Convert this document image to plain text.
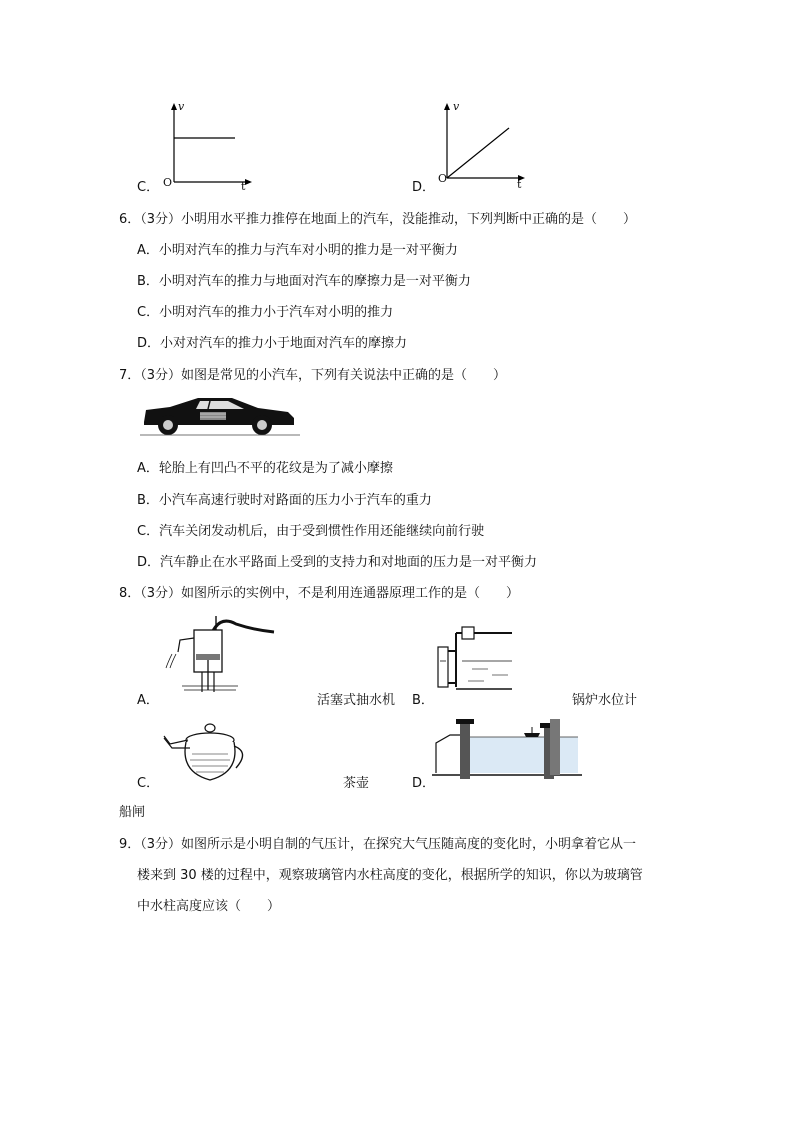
C．
v
t
O	D．
v
t
O
6．（3分）小明用水平推力推停在地面上的汽车，没能推动，下列判断中正确的是（　　）
A．小明对汽车的推力与汽车对小明的推力是一对平衡力
B．小明对汽车的推力与地面对汽车的摩擦力是一对平衡力
C．小明对汽车的推力小于汽车对小明的推力
D．小对对汽车的推力小于地面对汽车的摩擦力
7．（3分）如图是常见的小汽车，下列有关说法中正确的是（　　）
A．轮胎上有凹凸不平的花纹是为了减小摩擦
B．小汽车高速行驶时对路面的压力小于汽车的重力
C．汽车关闭发动机后，由于受到惯性作用还能继续向前行驶
D．汽车静止在水平路面上受到的支持力和对地面的压力是一对平衡力
8．（3分）如图所示的实例中，不是利用连通器原理工作的是（　　）
A．	活塞式抽水机 B．	锅炉水位计
C．	茶壶	D．
船闸
9．（3分）如图所示是小明自制的气压计，在探究大气压随高度的变化时，小明拿着它从一
楼来到 30 楼的过程中，观察玻璃管内水柱高度的变化，根据所学的知识，你以为玻璃管
中水柱高度应该（　　）
